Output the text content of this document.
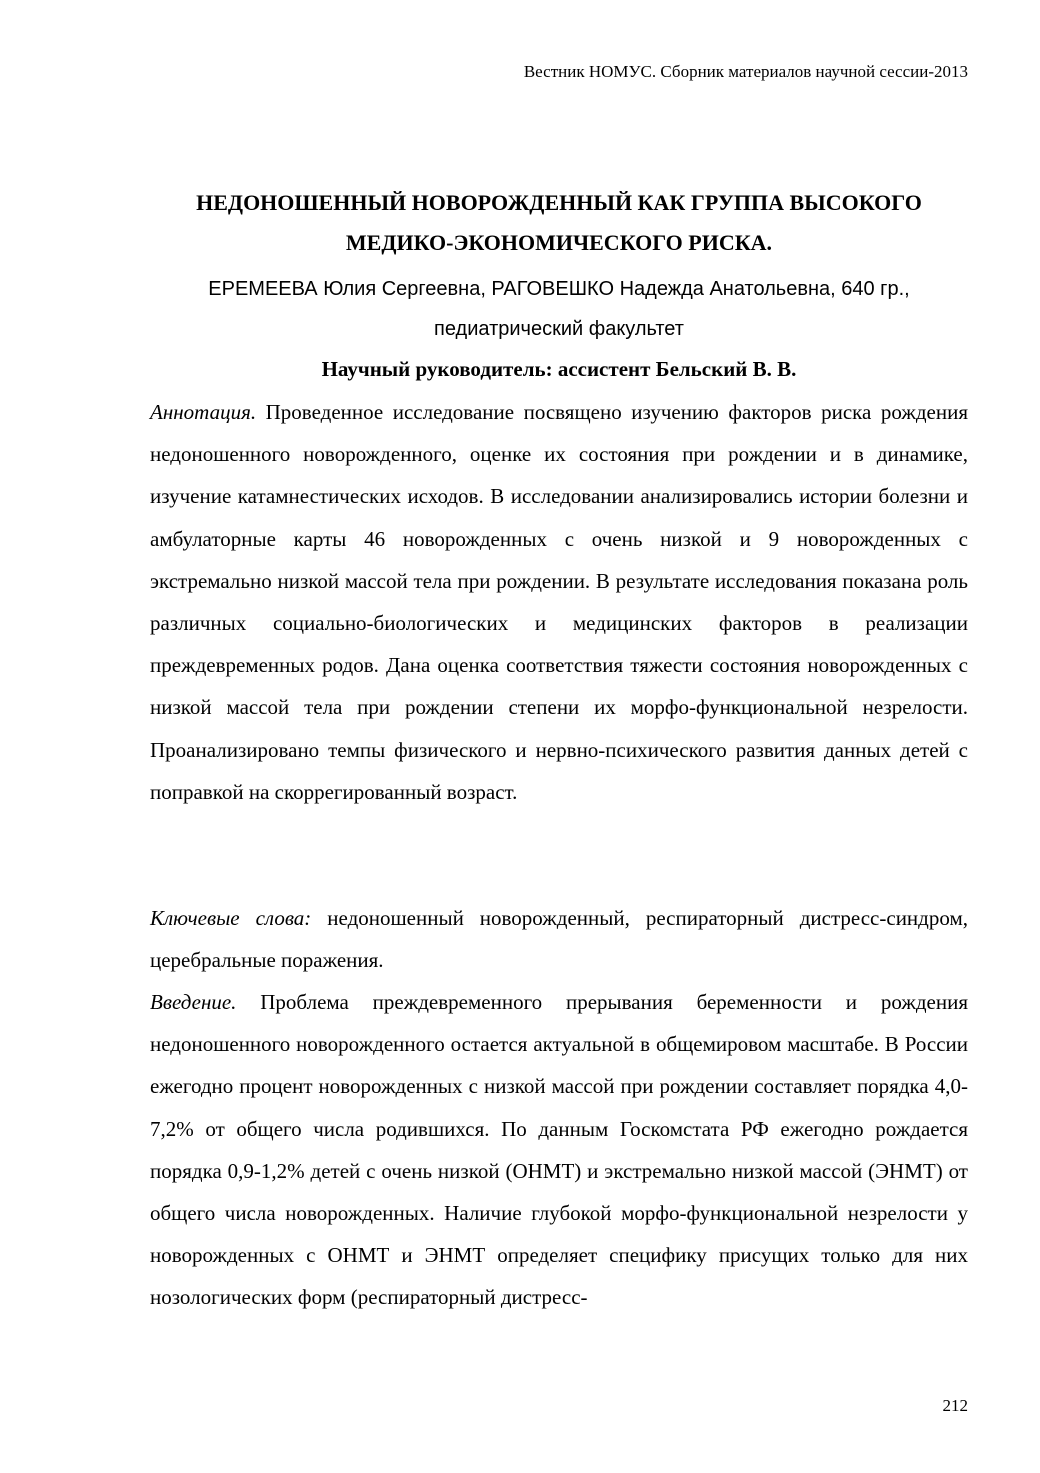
Вестник НОМУС. Сборник материалов научной сессии-2013

НЕДОНОШЕННЫЙ НОВОРОЖДЕННЫЙ КАК ГРУППА ВЫСОКОГО

МЕДИКО-ЭКОНОМИЧЕСКОГО РИСКА.

ЕРЕМЕЕВА Юлия Сергеевна, РАГОВЕШКО Надежда Анатольевна, 640 гр.,
педиатрический факультет

Научный руководитель: ассистент Бельский В. В.

Аннотация. Проведенное исследование посвящено изучению факторов риска рождения недоношенного новорожденного, оценке их состояния при рождении и в динамике, изучение катамнестических исходов. В исследовании анализировались истории болезни и амбулаторные карты 46 новорожденных с очень низкой и 9 новорожденных с экстремально низкой массой тела при рождении. В результате исследования показана роль различных социально-биологических и медицинских факторов в реализации преждевременных родов. Дана оценка соответствия тяжести состояния новорожденных с низкой массой тела при рождении степени их морфо-функциональной незрелости. Проанализировано темпы физического и нервно-психического развития данных детей с поправкой на скоррегированный возраст.

Ключевые слова: недоношенный новорожденный, респираторный дистресс-синдром, церебральные поражения.

Введение. Проблема преждевременного прерывания беременности и рождения недоношенного новорожденного остается актуальной в общемировом масштабе. В России ежегодно процент новорожденных с низкой массой при рождении составляет порядка 4,0-7,2% от общего числа родившихся. По данным Госкомстата РФ ежегодно рождается порядка 0,9-1,2% детей с очень низкой (ОНМТ) и экстремально низкой массой (ЭНМТ) от общего числа новорожденных. Наличие глубокой морфо-функциональной незрелости у новорожденных с ОНМТ и ЭНМТ определяет специфику присущих только для них нозологических форм (респираторный дистресс-

212
